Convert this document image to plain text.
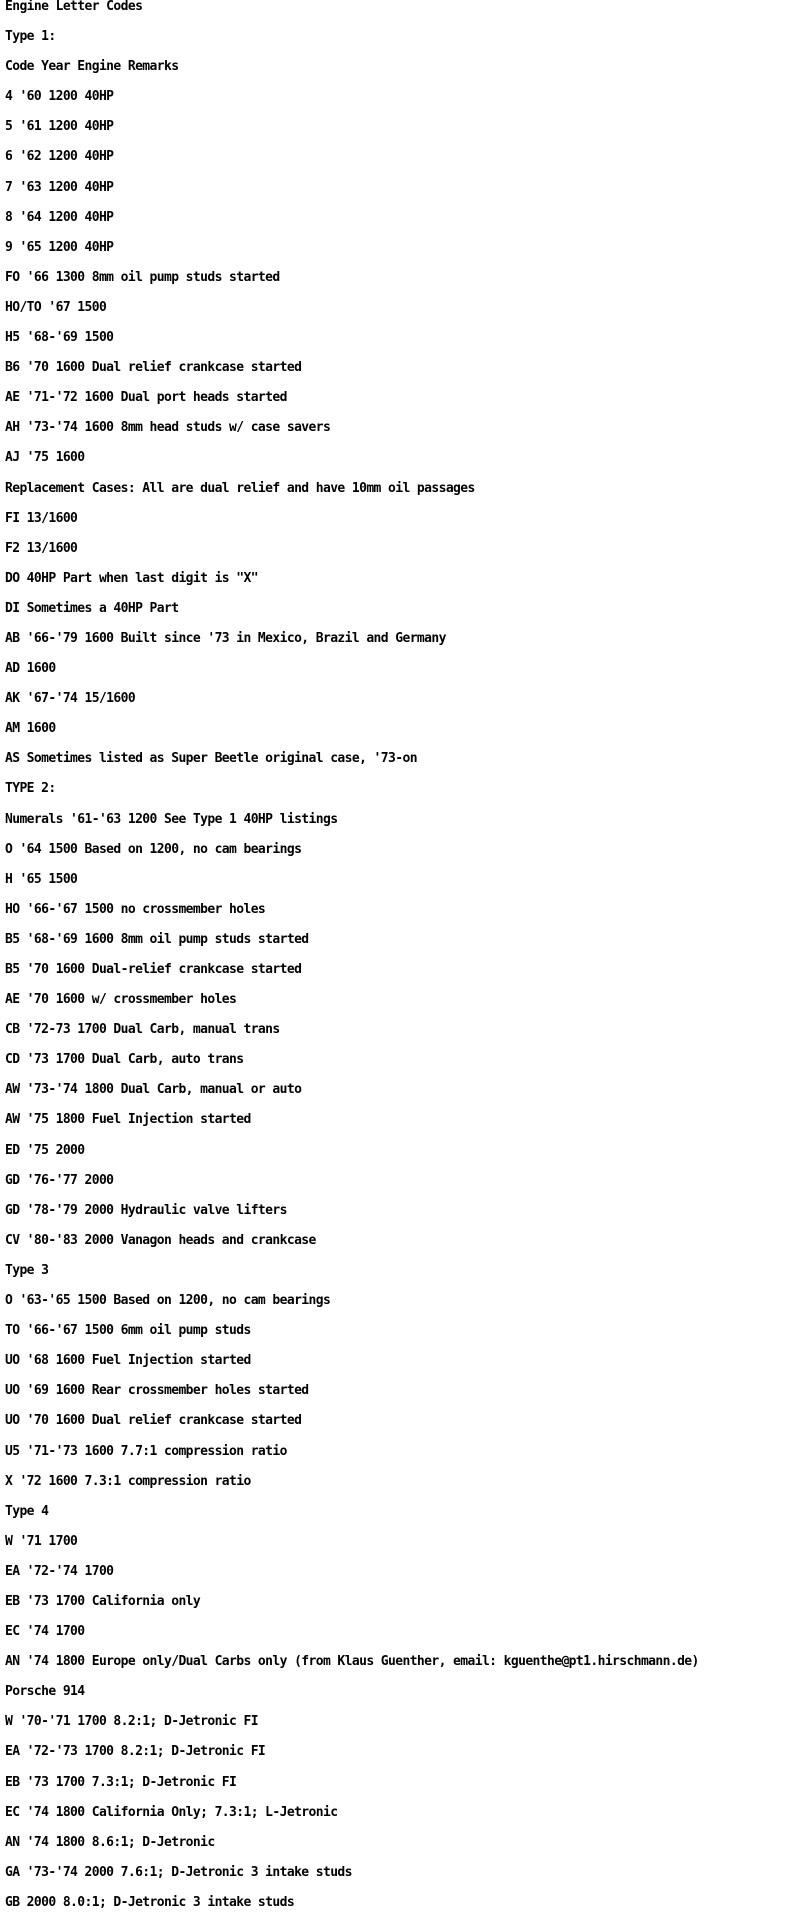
Engine Letter Codes
Type 1:
Code Year Engine Remarks
4 '60 1200 40HP
5 '61 1200 40HP
6 '62 1200 40HP
7 '63 1200 40HP
8 '64 1200 40HP
9 '65 1200 40HP
FO '66 1300 8mm oil pump studs started
HO/TO '67 1500
H5 '68-'69 1500
B6 '70 1600 Dual relief crankcase started
AE '71-'72 1600 Dual port heads started
AH '73-'74 1600 8mm head studs w/ case savers
AJ '75 1600
Replacement Cases: All are dual relief and have 10mm oil passages
FI 13/1600
F2 13/1600
DO 40HP Part when last digit is "X"
DI Sometimes a 40HP Part
AB '66-'79 1600 Built since '73 in Mexico, Brazil and Germany
AD 1600
AK '67-'74 15/1600
AM 1600
AS Sometimes listed as Super Beetle original case, '73-on
TYPE 2:
Numerals '61-'63 1200 See Type 1 40HP listings
O '64 1500 Based on 1200, no cam bearings
H '65 1500
HO '66-'67 1500 no crossmember holes
B5 '68-'69 1600 8mm oil pump studs started
B5 '70 1600 Dual-relief crankcase started
AE '70 1600 w/ crossmember holes
CB '72-73 1700 Dual Carb, manual trans
CD '73 1700 Dual Carb, auto trans
AW '73-'74 1800 Dual Carb, manual or auto
AW '75 1800 Fuel Injection started
ED '75 2000
GD '76-'77 2000
GD '78-'79 2000 Hydraulic valve lifters
CV '80-'83 2000 Vanagon heads and crankcase
Type 3
O '63-'65 1500 Based on 1200, no cam bearings
TO '66-'67 1500 6mm oil pump studs
UO '68 1600 Fuel Injection started
UO '69 1600 Rear crossmember holes started
UO '70 1600 Dual relief crankcase started
U5 '71-'73 1600 7.7:1 compression ratio
X '72 1600 7.3:1 compression ratio
Type 4
W '71 1700
EA '72-'74 1700
EB '73 1700 California only
EC '74 1700
AN '74 1800 Europe only/Dual Carbs only (from Klaus Guenther, email: kguenthe@pt1.hirschmann.de)
Porsche 914
W '70-'71 1700 8.2:1; D-Jetronic FI
EA '72-'73 1700 8.2:1; D-Jetronic FI
EB '73 1700 7.3:1; D-Jetronic FI
EC '74 1800 California Only; 7.3:1; L-Jetronic
AN '74 1800 8.6:1; D-Jetronic
GA '73-'74 2000 7.6:1; D-Jetronic 3 intake studs
GB 2000 8.0:1; D-Jetronic 3 intake studs
